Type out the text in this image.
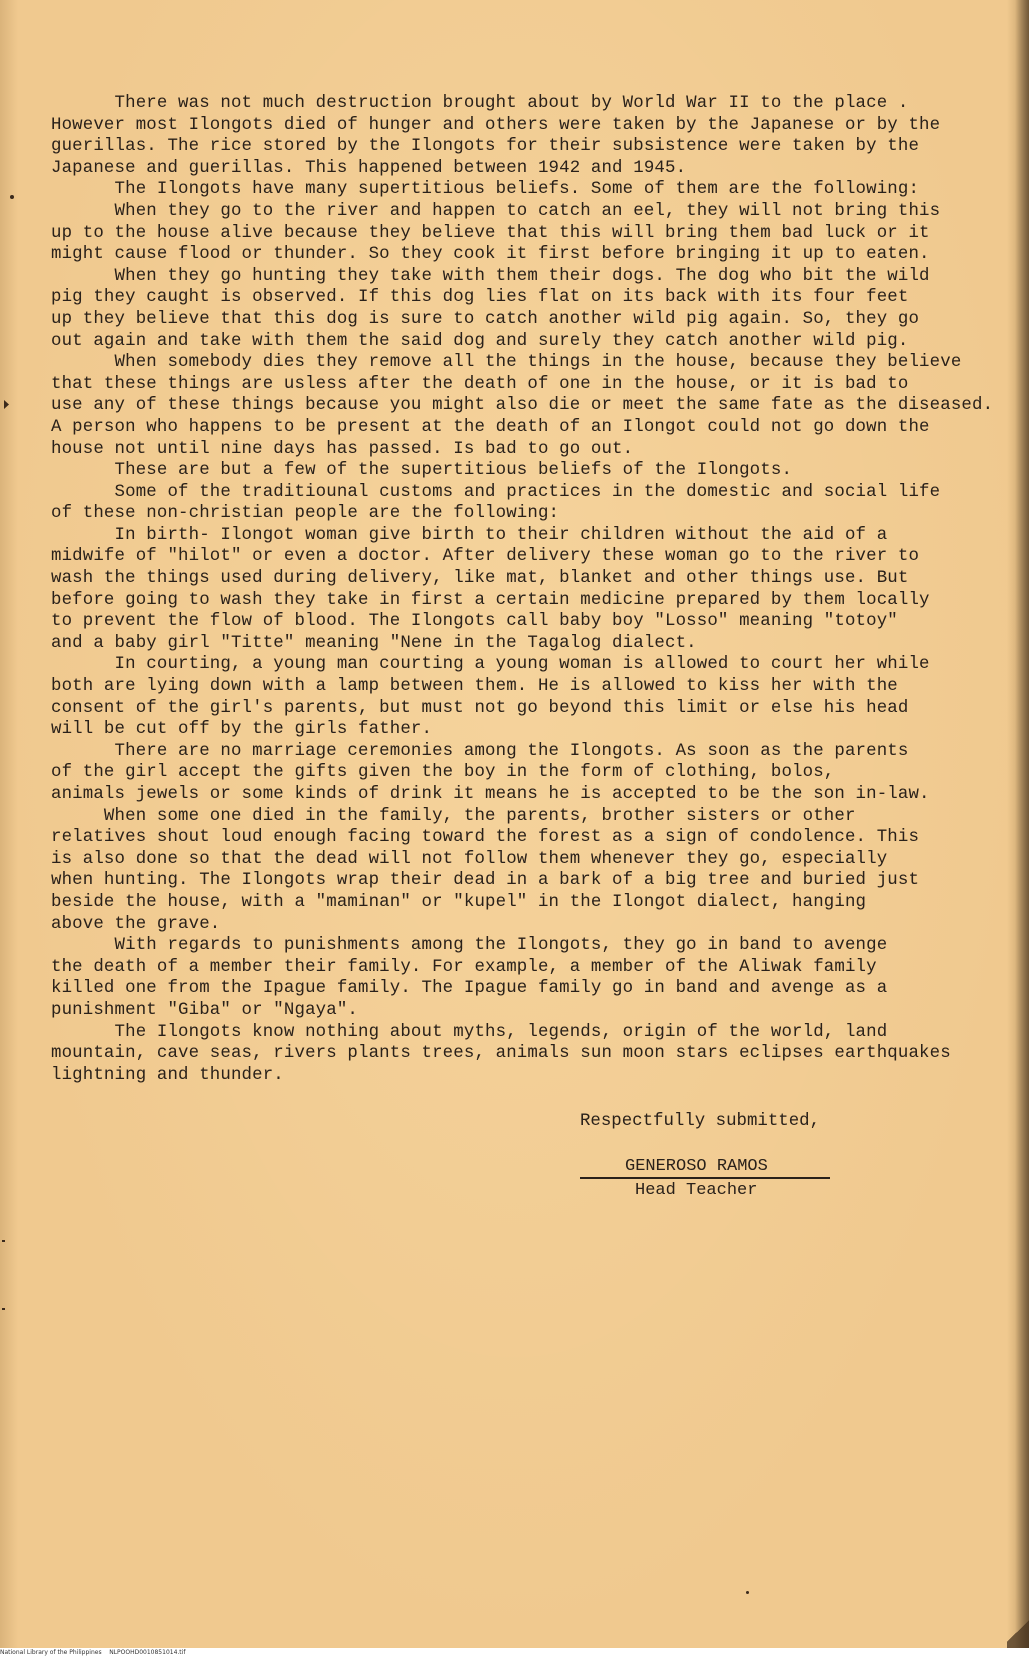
There was not much destruction brought about by World War II to the place .
However most Ilongots died of hunger and others were taken by the Japanese or by the
guerillas. The rice stored by the Ilongots for their subsistence were taken by the
Japanese and guerillas. This happened between 1942 and 1945.
The Ilongots have many supertitious beliefs. Some of them are the following:
When they go to the river and happen to catch an eel, they will not bring this
up to the house alive because they believe that this will bring them bad luck or it
might cause flood or thunder. So they cook it first before bringing it up to eaten.
When they go hunting they take with them their dogs. The dog who bit the wild
pig they caught is observed. If this dog lies flat on its back with its four feet
up they believe that this dog is sure to catch another wild pig again. So, they go
out again and take with them the said dog and surely they catch another wild pig.
When somebody dies they remove all the things in the house, because they believe
that these things are usless after the death of one in the house, or it is bad to
use any of these things because you might also die or meet the same fate as the diseased.
A person who happens to be present at the death of an Ilongot could not go down the
house not until nine days has passed. Is bad to go out.
These are but a few of the supertitious beliefs of the Ilongots.
Some of the traditiounal customs and practices in the domestic and social life
of these non-christian people are the following:
In birth- Ilongot woman give birth to their children without the aid of a
midwife of "hilot" or even a doctor. After delivery these woman go to the river to
wash the things used during delivery, like mat, blanket and other things use. But
before going to wash they take in first a certain medicine prepared by them locally
to prevent the flow of blood. The Ilongots call baby boy "Losso" meaning "totoy"
and a baby girl "Titte" meaning "Nene in the Tagalog dialect.
In courting, a young man courting a young woman is allowed to court her while
both are lying down with a lamp between them. He is allowed to kiss her with the
consent of the girl's parents, but must not go beyond this limit or else his head
will be cut off by the girls father.
There are no marriage ceremonies among the Ilongots. As soon as the parents
of the girl accept the gifts given the boy in the form of clothing, bolos,
animals jewels or some kinds of drink it means he is accepted to be the son in-law.
When some one died in the family, the parents, brother sisters or other
relatives shout loud enough facing toward the forest as a sign of condolence. This
is also done so that the dead will not follow them whenever they go, especially
when hunting. The Ilongots wrap their dead in a bark of a big tree and buried just
beside the house, with a "maminan" or "kupel" in the Ilongot dialect, hanging
above the grave.
With regards to punishments among the Ilongots, they go in band to avenge
the death of a member their family. For example, a member of the Aliwak family
killed one from the Ipague family. The Ipague family go in band and avenge as a
punishment "Giba" or "Ngaya".
The Ilongots know nothing about myths, legends, origin of the world, land
mountain, cave seas, rivers plants trees, animals sun moon stars eclipses earthquakes
lightning and thunder.
Respectfully submitted,
GENEROSO RAMOS
Head Teacher
National Library of the Philippines    NLPOOHD0010851014.tif
